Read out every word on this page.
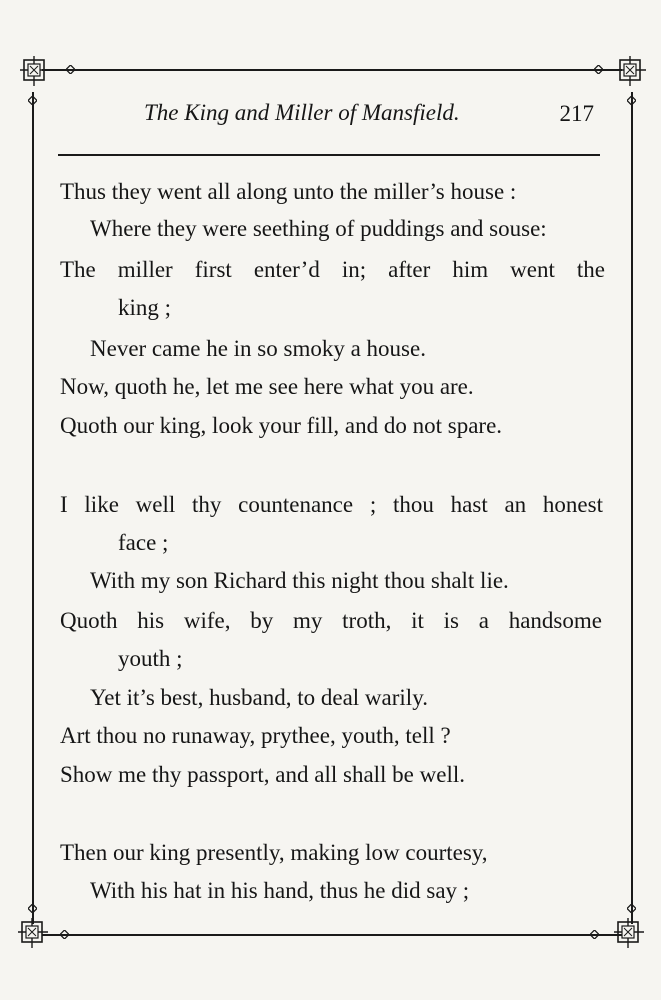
The King and Miller of Mansfield.	217
Thus they went all along unto the miller’s house :
Where they were seething of puddings and souse:
The miller first enter’d in; after him went the
king ;
Never came he in so smoky a house.
Now, quoth he, let me see here what you are.
Quoth our king, look your fill, and do not spare.
I like well thy countenance ; thou hast an honest
face ;
With my son Richard this night thou shalt lie.
Quoth his wife, by my troth, it is a handsome
youth ;
Yet it’s best, husband, to deal warily.
Art thou no runaway, prythee, youth, tell ?
Show me thy passport, and all shall be well.
Then our king presently, making low courtesy,
With his hat in his hand, thus he did say ;
